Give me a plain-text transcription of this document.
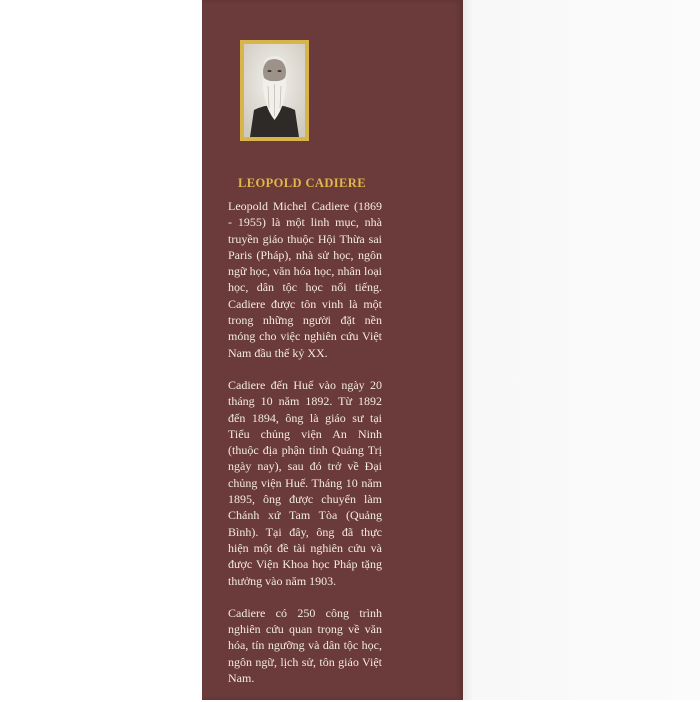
LEOPOLD CADIERE

Leopold Michel Cadiere (1869 - 1955) là một linh mục, nhà truyền giáo thuộc Hội Thừa sai Paris (Pháp), nhà sử học, ngôn ngữ học, văn hóa học, nhân loại học, dân tộc học nổi tiếng. Cadiere được tôn vinh là một trong những người đặt nền móng cho việc nghiên cứu Việt Nam đầu thế kỷ XX.

Cadiere đến Huế vào ngày 20 tháng 10 năm 1892. Từ 1892 đến 1894, ông là giáo sư tại Tiểu chủng viện An Ninh (thuộc địa phận tỉnh Quảng Trị ngày nay), sau đó trở về Đại chủng viện Huế. Tháng 10 năm 1895, ông được chuyển làm Chánh xứ Tam Tòa (Quảng Bình). Tại đây, ông đã thực hiện một đề tài nghiên cứu và được Viện Khoa học Pháp tặng thưởng vào năm 1903.

Cadiere có 250 công trình nghiên cứu quan trọng về văn hóa, tín ngưỡng và dân tộc học, ngôn ngữ, lịch sử, tôn giáo Việt Nam.
